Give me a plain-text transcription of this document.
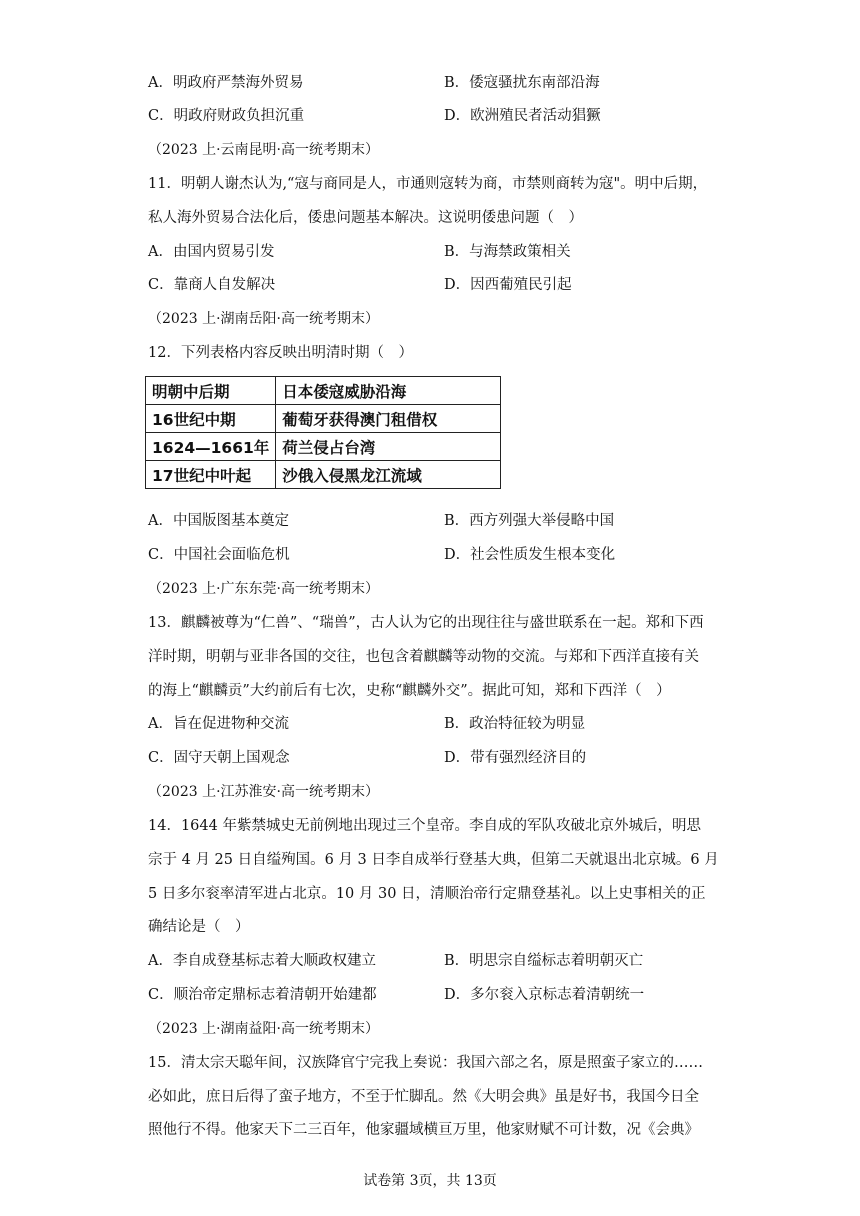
A．明政府严禁海外贸易	B．倭寇骚扰东南部沿海
C．明政府财政负担沉重	D．欧洲殖民者活动猖獗
（2023 上·云南昆明·高一统考期末）
11．明朝人谢杰认为,“寇与商同是人，市通则寇转为商，市禁则商转为寇"。明中后期，
私人海外贸易合法化后，倭患问题基本解决。这说明倭患问题（　）
A．由国内贸易引发	B．与海禁政策相关
C．靠商人自发解决	D．因西葡殖民引起
（2023 上·湖南岳阳·高一统考期末）
12．下列表格内容反映出明清时期（　）
明朝中后期	日本倭寇威胁沿海
16世纪中期	葡萄牙获得澳门租借权
1624—1661年	荷兰侵占台湾
17世纪中叶起	沙俄入侵黑龙江流域
A．中国版图基本奠定	B．西方列强大举侵略中国
C．中国社会面临危机	D．社会性质发生根本变化
（2023 上·广东东莞·高一统考期末）
13．麒麟被尊为“仁兽”、“瑞兽”，古人认为它的出现往往与盛世联系在一起。郑和下西
洋时期，明朝与亚非各国的交往，也包含着麒麟等动物的交流。与郑和下西洋直接有关
的海上“麒麟贡”大约前后有七次，史称“麒麟外交”。据此可知，郑和下西洋（　）
A．旨在促进物种交流	B．政治特征较为明显
C．固守天朝上国观念	D．带有强烈经济目的
（2023 上·江苏淮安·高一统考期末）
14．1644 年紫禁城史无前例地出现过三个皇帝。李自成的军队攻破北京外城后，明思
宗于 4 月 25 日自缢殉国。6 月 3 日李自成举行登基大典，但第二天就退出北京城。6 月
5 日多尔衮率清军进占北京。10 月 30 日，清顺治帝行定鼎登基礼。以上史事相关的正
确结论是（　）
A．李自成登基标志着大顺政权建立	B．明思宗自缢标志着明朝灭亡
C．顺治帝定鼎标志着清朝开始建都	D．多尔衮入京标志着清朝统一
（2023 上·湖南益阳·高一统考期末）
15．清太宗天聪年间，汉族降官宁完我上奏说：我国六部之名，原是照蛮子家立的……
必如此，庶日后得了蛮子地方，不至于忙脚乱。然《大明会典》虽是好书，我国今日全
照他行不得。他家天下二三百年，他家疆域横亘万里，他家财赋不可计数，况《会典》
试卷第 3页，共 13页
